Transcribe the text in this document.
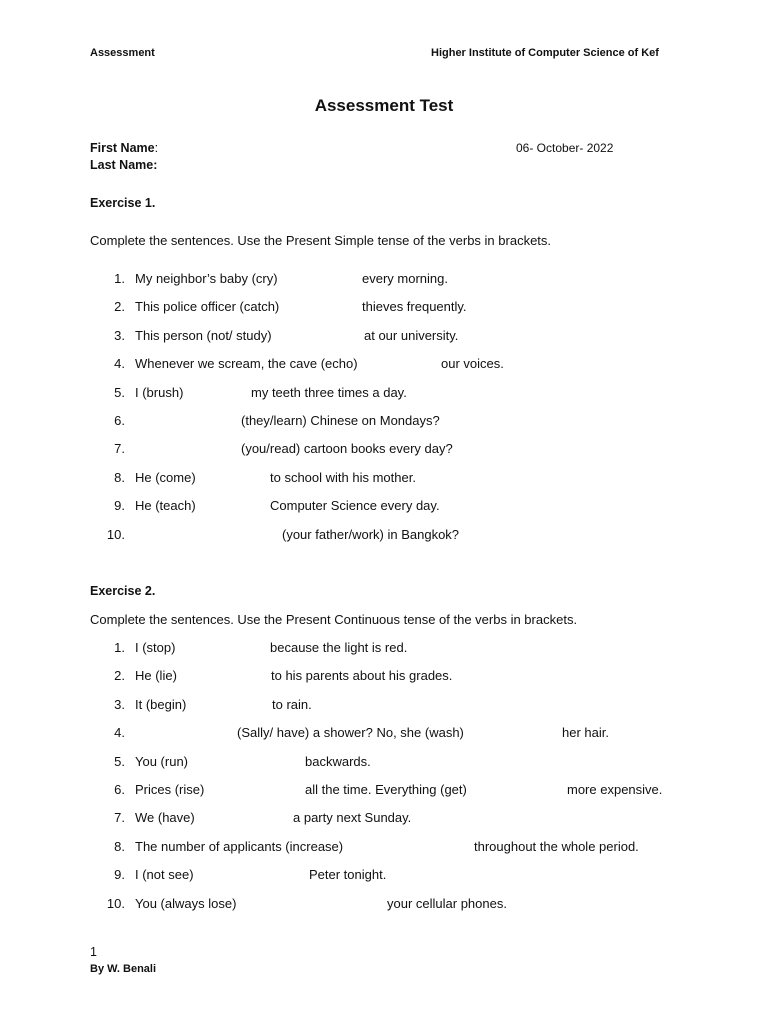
Assessment	Higher Institute of Computer Science of Kef
Assessment Test
First Name:
Last Name:
06- October- 2022
Exercise 1.
Complete the sentences. Use the Present Simple tense of the verbs in brackets.
1. My neighbor’s baby (cry)	every morning.
2. This police officer (catch)	thieves frequently.
3. This person (not/ study)	at our university.
4. Whenever we scream, the cave (echo)	our voices.
5. I (brush)	my teeth three times a day.
6.	(they/learn) Chinese on Mondays?
7.	(you/read) cartoon books every day?
8. He (come)	to school with his mother.
9. He (teach)	Computer Science every day.
10.	(your father/work) in Bangkok?
Exercise 2.
Complete the sentences. Use the Present Continuous tense of the verbs in brackets.
1. I (stop)	because the light is red.
2. He (lie)	to his parents about his grades.
3. It (begin)	to rain.
4.	(Sally/ have) a shower? No, she (wash)	her hair.
5. You (run)	backwards.
6. Prices (rise)	all the time. Everything (get)	more expensive.
7. We (have)	a party next Sunday.
8. The number of applicants (increase)	throughout the whole period.
9. I (not see)	Peter tonight.
10. You (always lose)	your cellular phones.
1
By W. Benali
